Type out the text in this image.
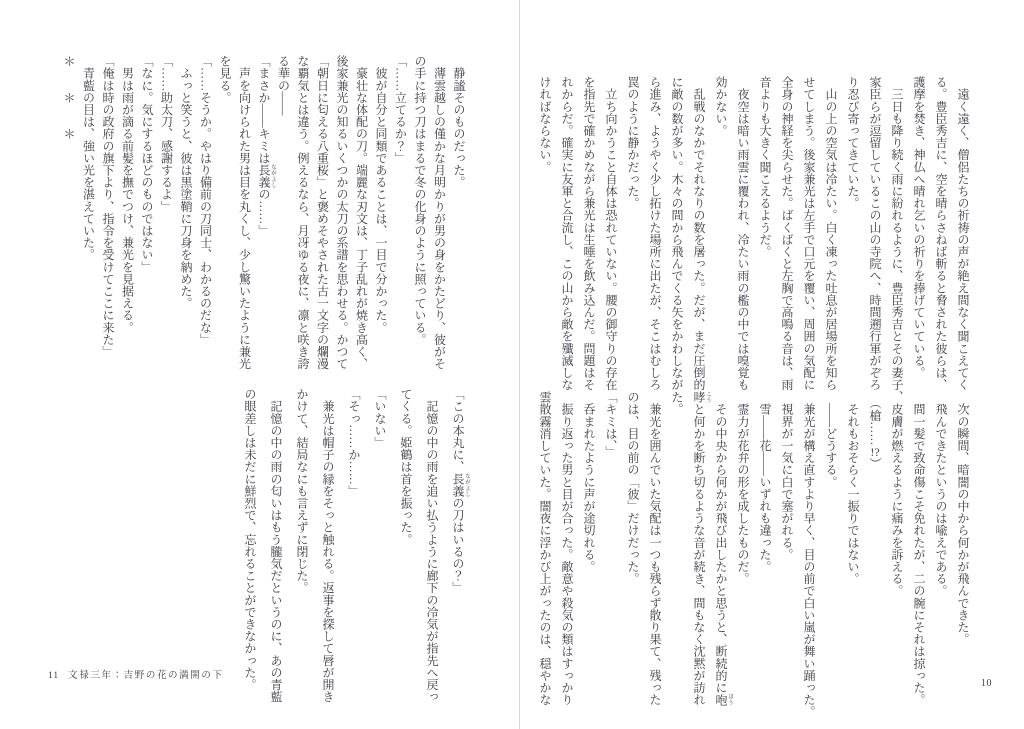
　静謐そのものだった。
　薄雲越しの僅かな月明かりが男の身をかたどり、彼がそ
の手に持つ刀はまるで冬の化身のように照っている。
「……立てるか？」
　彼が自分と同類であることは、一目で分かった。
　豪壮な体配の刀。端麗な刃文は、丁子乱れが焼き高く、
後家兼光の知るいくつかの太刀の系譜を思わせる。かつて
「朝日に匂える八重桜」と褒めそやされた古一文字の爛漫
な覇気とは違う。例えるなら、月冴ゆる夜に、凛と咲き誇
る華の――
「まさか――キミは長義 ながよしの……」
　声を向けられた男は目を丸くし、少し驚いたように兼光
を見る。
「……そうか。やはり備前の刀同士、わかるのだな」
　ふっと笑うと、彼は黒塗鞘に刀身を納めた。
「……助太刀、感謝するよ」
「なに。気にするほどのものではない」
　男は雨が滴る前髪を撫でつけ、兼光を見据える。
「俺は時の政府の旗下より、指令を受けてここに来た」
　青藍の目は、強い光を湛えていた。
＊　　＊　　＊
「この本丸に、長義 ながよしの刀はいるの？」
　記憶の中の雨を追い払うように廊下の冷気が指先へ戻っ
てくる。姫鶴は首を振った。
「いない」
「そっ……か……」
　兼光は帽子の縁をそっと触れる。返事を探して唇が開き
かけて、結局なにも言えずに閉じた。
　記憶の中の雨の匂いはもう朧気だというのに、あの青藍
の眼差しは未だに鮮烈で、忘れることができなかった。
11 文禄三年：吉野の花の満開の下
　遠く遠く、僧侶たちの祈祷の声が絶え間なく聞こえてく
る。豊臣秀吉に、空を晴らさねば斬ると脅された彼らは、
護摩を焚き、神仏へ晴れ乞いの祈りを捧げていている。
　三日も降り続く雨に紛れるように、豊臣秀吉とその妻子、
家臣らが逗留しているこの山の寺院へ、時間遡行軍がぞろ
り忍び寄ってきていた。
　山の上の空気は冷たい。白く凍った吐息が居場所を知ら
せてしまう。後家兼光は左手で口元を覆い、周囲の気配に
全身の神経を尖らせた。ばくばくと左胸で高鳴る音は、雨
音よりも大きく聞こえるようだ。
　夜空は暗い雨雲に覆われ、冷たい雨の檻の中では嗅覚も
効かない。
　乱戦のなかでそれなりの数を屠った。だが、まだ圧倒的
に敵の数が多い。木々の間から飛んでくる矢をかわしなが
ら進み、ようやく少し拓けた場所に出たが、そこはむしろ
罠のように静かだった。
　立ち向かうこと自体は恐れていない。腰の御守りの存在
を指先で確かめながら兼光は生唾を飲み込んだ。問題はそ
れからだ。確実に友軍と合流し、この山から敵を殲滅しな
ければならない。
　次の瞬間、暗闇の中から何かが飛んできた。
　飛んできたというのは喩えである。
　間一髪で致命傷こそ免れたが、二の腕にそれは掠った。
　皮膚が燃えるように痛みを訴える。
　（槍……!?）
　それもおそらく一振りではない。
　――どうする。
　兼光が構え直すより早く、目の前で白い嵐が舞い踊った。
　視界が一気に白で塞がれる。
　雪――花――いずれも違った。
　霊力が花弁の形を成したものだ。
　その中央から何かが飛び出したかと思うと、断続的に咆 ほう
哮 こうと何かを断ち切るような音が続き、間もなく沈黙が訪れ
た。
　兼光を囲んでいた気配は一つも残らず散り果て、残った
のは、目の前の「彼」だけだった。
「キミは、」
　呑まれたように声が途切れる。
　振り返った男と目が合った。敵意や殺気の類はすっかり
雲散霧消していた。闇夜に浮かび上がったのは、穏やかな	10
